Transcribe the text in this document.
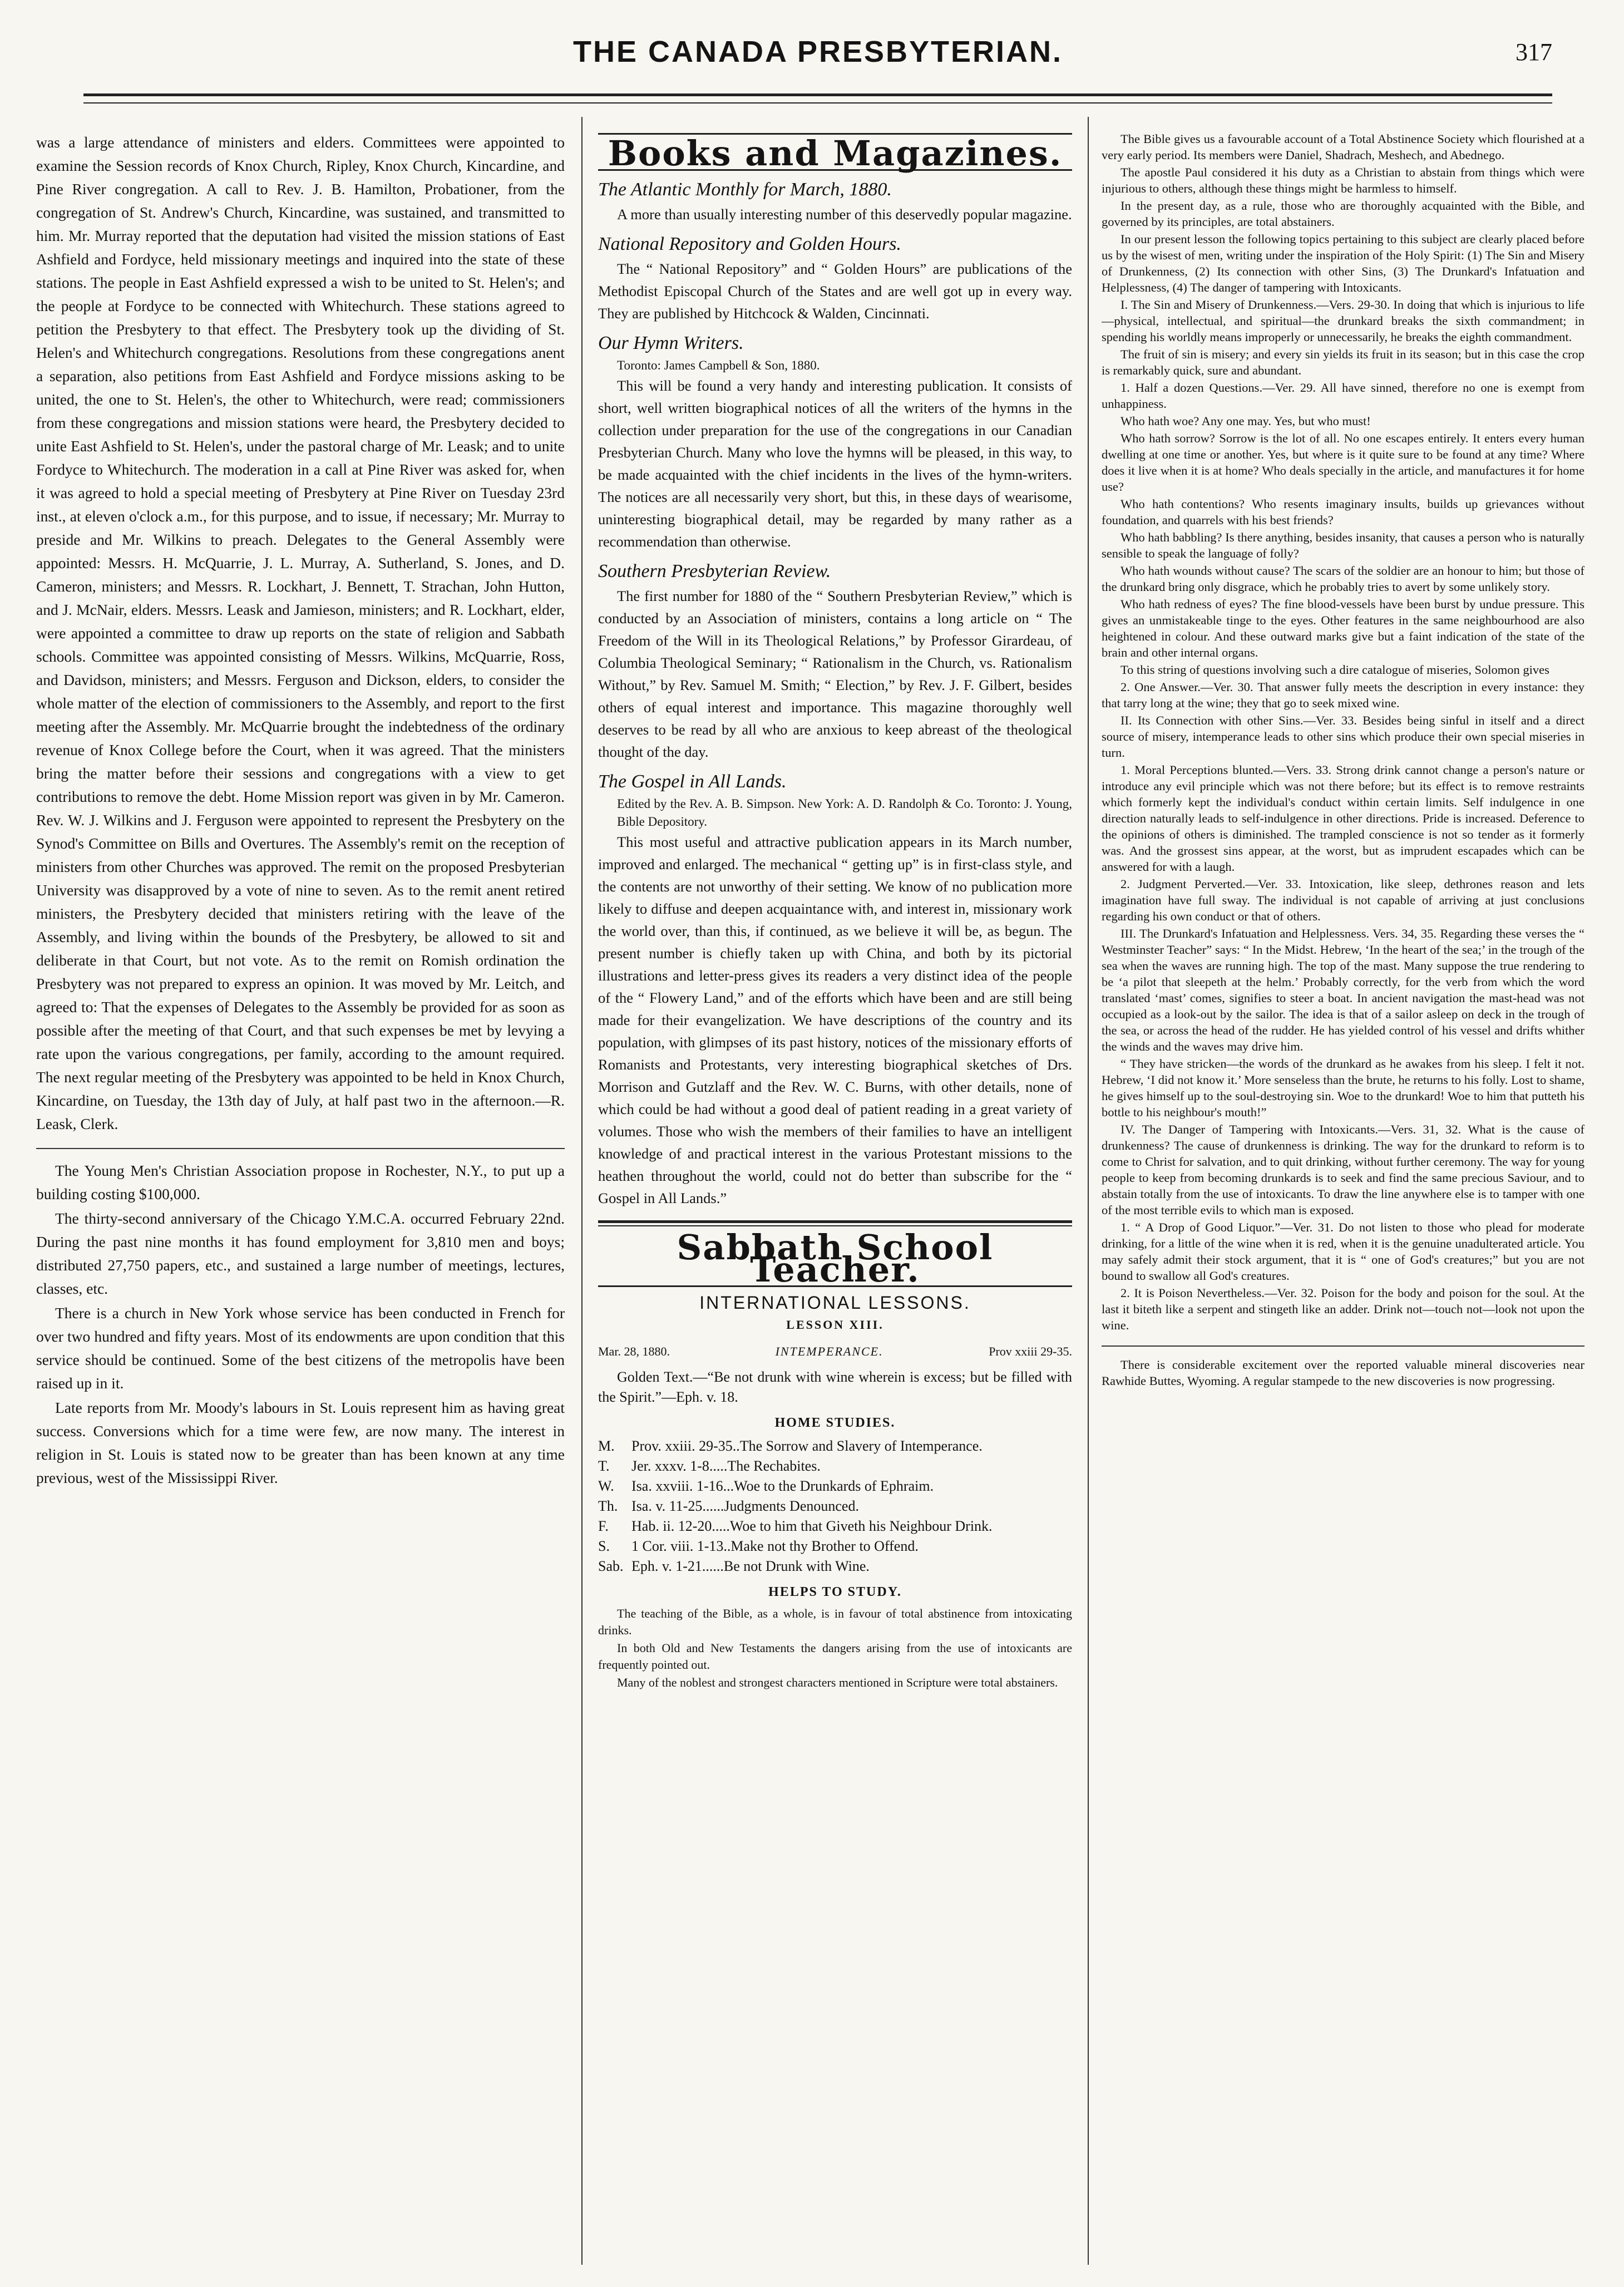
THE CANADA PRESBYTERIAN.	317

was a large attendance of ministers and elders. Committees were appointed to examine the Session records of Knox Church, Ripley, Knox Church, Kincardine, and Pine River congregation. A call to Rev. J. B. Hamilton, Probationer, from the congregation of St. Andrew's Church, Kincardine, was sustained, and transmitted to him. Mr. Murray reported that the deputation had visited the mission stations of East Ashfield and Fordyce, held missionary meetings and inquired into the state of these stations. The people in East Ashfield expressed a wish to be united to St. Helen's; and the people at Fordyce to be connected with Whitechurch. These stations agreed to petition the Presbytery to that effect. The Presbytery took up the dividing of St. Helen's and Whitechurch congregations. Resolutions from these congregations anent a separation, also petitions from East Ashfield and Fordyce missions asking to be united, the one to St. Helen's, the other to Whitechurch, were read; commissioners from these congregations and mission stations were heard, the Presbytery decided to unite East Ashfield to St. Helen's, under the pastoral charge of Mr. Leask; and to unite Fordyce to Whitechurch. The moderation in a call at Pine River was asked for, when it was agreed to hold a special meeting of Presbytery at Pine River on Tuesday 23rd inst., at eleven o'clock a.m., for this purpose, and to issue, if necessary; Mr. Murray to preside and Mr. Wilkins to preach. Delegates to the General Assembly were appointed: Messrs. H. McQuarrie, J. L. Murray, A. Sutherland, S. Jones, and D. Cameron, ministers; and Messrs. R. Lockhart, J. Bennett, T. Strachan, John Hutton, and J. McNair, elders. Messrs. Leask and Jamieson, ministers; and R. Lockhart, elder, were appointed a committee to draw up reports on the state of religion and Sabbath schools. Committee was appointed consisting of Messrs. Wilkins, McQuarrie, Ross, and Davidson, ministers; and Messrs. Ferguson and Dickson, elders, to consider the whole matter of the election of commissioners to the Assembly, and report to the first meeting after the Assembly. Mr. McQuarrie brought the indebtedness of the ordinary revenue of Knox College before the Court, when it was agreed. That the ministers bring the matter before their sessions and congregations with a view to get contributions to remove the debt. Home Mission report was given in by Mr. Cameron. Rev. W. J. Wilkins and J. Ferguson were appointed to represent the Presbytery on the Synod's Committee on Bills and Overtures. The Assembly's remit on the reception of ministers from other Churches was approved. The remit on the proposed Presbyterian University was disapproved by a vote of nine to seven. As to the remit anent retired ministers, the Presbytery decided that ministers retiring with the leave of the Assembly, and living within the bounds of the Presbytery, be allowed to sit and deliberate in that Court, but not vote. As to the remit on Romish ordination the Presbytery was not prepared to express an opinion. It was moved by Mr. Leitch, and agreed to: That the expenses of Delegates to the Assembly be provided for as soon as possible after the meeting of that Court, and that such expenses be met by levying a rate upon the various congregations, per family, according to the amount required. The next regular meeting of the Presbytery was appointed to be held in Knox Church, Kincardine, on Tuesday, the 13th day of July, at half past two in the afternoon.—R. Leask, Clerk.

The Young Men's Christian Association propose in Rochester, N.Y., to put up a building costing $100,000.

The thirty-second anniversary of the Chicago Y.M.C.A. occurred February 22nd. During the past nine months it has found employment for 3,810 men and boys; distributed 27,750 papers, etc., and sustained a large number of meetings, lectures, classes, etc.

There is a church in New York whose service has been conducted in French for over two hundred and fifty years. Most of its endowments are upon condition that this service should be continued. Some of the best citizens of the metropolis have been raised up in it.

Late reports from Mr. Moody's labours in St. Louis represent him as having great success. Conversions which for a time were few, are now many. The interest in religion in St. Louis is stated now to be greater than has been known at any time previous, west of the Mississippi River.

Books and Magazines.
The Atlantic Monthly for March, 1880.

A more than usually interesting number of this deservedly popular magazine.

National Repository and Golden Hours.

The “ National Repository” and “ Golden Hours” are publications of the Methodist Episcopal Church of the States and are well got up in every way. They are published by Hitchcock & Walden, Cincinnati.

Our Hymn Writers.
Toronto: James Campbell & Son, 1880.

This will be found a very handy and interesting publication. It consists of short, well written biographical notices of all the writers of the hymns in the collection under preparation for the use of the congregations in our Canadian Presbyterian Church. Many who love the hymns will be pleased, in this way, to be made acquainted with the chief incidents in the lives of the hymn-writers. The notices are all necessarily very short, but this, in these days of wearisome, uninteresting biographical detail, may be regarded by many rather as a recommendation than otherwise.

Southern Presbyterian Review.

The first number for 1880 of the “ Southern Presbyterian Review,” which is conducted by an Association of ministers, contains a long article on “ The Freedom of the Will in its Theological Relations,” by Professor Girardeau, of Columbia Theological Seminary; “ Rationalism in the Church, vs. Rationalism Without,” by Rev. Samuel M. Smith; “ Election,” by Rev. J. F. Gilbert, besides others of equal interest and importance. This magazine thoroughly well deserves to be read by all who are anxious to keep abreast of the theological thought of the day.

The Gospel in All Lands.
Edited by the Rev. A. B. Simpson. New York: A. D. Randolph & Co. Toronto: J. Young, Bible Depository.

This most useful and attractive publication appears in its March number, improved and enlarged. The mechanical “ getting up” is in first-class style, and the contents are not unworthy of their setting. We know of no publication more likely to diffuse and deepen acquaintance with, and interest in, missionary work the world over, than this, if continued, as we believe it will be, as begun. The present number is chiefly taken up with China, and both by its pictorial illustrations and letter-press gives its readers a very distinct idea of the people of the “ Flowery Land,” and of the efforts which have been and are still being made for their evangelization. We have descriptions of the country and its population, with glimpses of its past history, notices of the missionary efforts of Romanists and Protestants, very interesting biographical sketches of Drs. Morrison and Gutzlaff and the Rev. W. C. Burns, with other details, none of which could be had without a good deal of patient reading in a great variety of volumes. Those who wish the members of their families to have an intelligent knowledge of and practical interest in the various Protestant missions to the heathen throughout the world, could not do better than subscribe for the “ Gospel in All Lands.”

Sabbath School Teacher.
INTERNATIONAL LESSONS.
LESSON XIII.
Mar. 28, 1880.	INTEMPERANCE.	Prov xxiii 29-35.

Golden Text.—“Be not drunk with wine wherein is excess; but be filled with the Spirit.”—Eph. v. 18.

HOME STUDIES.
M.	Prov. xxiii. 29-35..The Sorrow and Slavery of Intemperance.
T.	Jer. xxxv. 1-8.....The Rechabites.
W.	Isa. xxviii. 1-16...Woe to the Drunkards of Ephraim.
Th. Isa. v. 11-25......Judgments Denounced.
F.	Hab. ii. 12-20.....Woe to him that Giveth his Neighbour Drink.
S.	1 Cor. viii. 1-13..Make not thy Brother to Offend.
Sab. Eph. v. 1-21......Be not Drunk with Wine.
HELPS TO STUDY.

The teaching of the Bible, as a whole, is in favour of total abstinence from intoxicating drinks.

In both Old and New Testaments the dangers arising from the use of intoxicants are frequently pointed out.

Many of the noblest and strongest characters mentioned in Scripture were total abstainers.

The Bible gives us a favourable account of a Total Abstinence Society which flourished at a very early period. Its members were Daniel, Shadrach, Meshech, and Abednego.

The apostle Paul considered it his duty as a Christian to abstain from things which were injurious to others, although these things might be harmless to himself.

In the present day, as a rule, those who are thoroughly acquainted with the Bible, and governed by its principles, are total abstainers.

In our present lesson the following topics pertaining to this subject are clearly placed before us by the wisest of men, writing under the inspiration of the Holy Spirit: (1) The Sin and Misery of Drunkenness, (2) Its connection with other Sins, (3) The Drunkard's Infatuation and Helplessness, (4) The danger of tampering with Intoxicants.

I. The Sin and Misery of Drunkenness.—Vers. 29-30. In doing that which is injurious to life—physical, intellectual, and spiritual—the drunkard breaks the sixth commandment; in spending his worldly means improperly or unnecessarily, he breaks the eighth commandment.

The fruit of sin is misery; and every sin yields its fruit in its season; but in this case the crop is remarkably quick, sure and abundant.

1. Half a dozen Questions.—Ver. 29. All have sinned, therefore no one is exempt from unhappiness.

Who hath woe? Any one may. Yes, but who must!

Who hath sorrow? Sorrow is the lot of all. No one escapes entirely. It enters every human dwelling at one time or another. Yes, but where is it quite sure to be found at any time? Where does it live when it is at home? Who deals specially in the article, and manufactures it for home use?

Who hath contentions? Who resents imaginary insults, builds up grievances without foundation, and quarrels with his best friends?

Who hath babbling? Is there anything, besides insanity, that causes a person who is naturally sensible to speak the language of folly?

Who hath wounds without cause? The scars of the soldier are an honour to him; but those of the drunkard bring only disgrace, which he probably tries to avert by some unlikely story.

Who hath redness of eyes? The fine blood-vessels have been burst by undue pressure. This gives an unmistakeable tinge to the eyes. Other features in the same neighbourhood are also heightened in colour. And these outward marks give but a faint indication of the state of the brain and other internal organs.

To this string of questions involving such a dire catalogue of miseries, Solomon gives

2. One Answer.—Ver. 30. That answer fully meets the description in every instance: they that tarry long at the wine; they that go to seek mixed wine.

II. Its Connection with other Sins.—Ver. 33. Besides being sinful in itself and a direct source of misery, intemperance leads to other sins which produce their own special miseries in turn.

1. Moral Perceptions blunted.—Vers. 33. Strong drink cannot change a person's nature or introduce any evil principle which was not there before; but its effect is to remove restraints which formerly kept the individual's conduct within certain limits. Self indulgence in one direction naturally leads to self-indulgence in other directions. Pride is increased. Deference to the opinions of others is diminished. The trampled conscience is not so tender as it formerly was. And the grossest sins appear, at the worst, but as imprudent escapades which can be answered for with a laugh.

2. Judgment Perverted.—Ver. 33. Intoxication, like sleep, dethrones reason and lets imagination have full sway. The individual is not capable of arriving at just conclusions regarding his own conduct or that of others.

III. The Drunkard's Infatuation and Helplessness. Vers. 34, 35. Regarding these verses the “ Westminster Teacher” says: “ In the Midst. Hebrew, ‘In the heart of the sea;’ in the trough of the sea when the waves are running high. The top of the mast. Many suppose the true rendering to be ‘a pilot that sleepeth at the helm.’ Probably correctly, for the verb from which the word translated ‘mast’ comes, signifies to steer a boat. In ancient navigation the mast-head was not occupied as a look-out by the sailor. The idea is that of a sailor asleep on deck in the trough of the sea, or across the head of the rudder. He has yielded control of his vessel and drifts whither the winds and the waves may drive him.

“ They have stricken—the words of the drunkard as he awakes from his sleep. I felt it not. Hebrew, ‘I did not know it.’ More senseless than the brute, he returns to his folly. Lost to shame, he gives himself up to the soul-destroying sin. Woe to the drunkard! Woe to him that putteth his bottle to his neighbour's mouth!”

IV. The Danger of Tampering with Intoxicants.—Vers. 31, 32. What is the cause of drunkenness? The cause of drunkenness is drinking. The way for the drunkard to reform is to come to Christ for salvation, and to quit drinking, without further ceremony. The way for young people to keep from becoming drunkards is to seek and find the same precious Saviour, and to abstain totally from the use of intoxicants. To draw the line anywhere else is to tamper with one of the most terrible evils to which man is exposed.

1. “ A Drop of Good Liquor.”—Ver. 31. Do not listen to those who plead for moderate drinking, for a little of the wine when it is red, when it is the genuine unadulterated article. You may safely admit their stock argument, that it is “ one of God's creatures;” but you are not bound to swallow all God's creatures.

2. It is Poison Nevertheless.—Ver. 32. Poison for the body and poison for the soul. At the last it biteth like a serpent and stingeth like an adder. Drink not—touch not—look not upon the wine.

There is considerable excitement over the reported valuable mineral discoveries near Rawhide Buttes, Wyoming. A regular stampede to the new discoveries is now progressing.
